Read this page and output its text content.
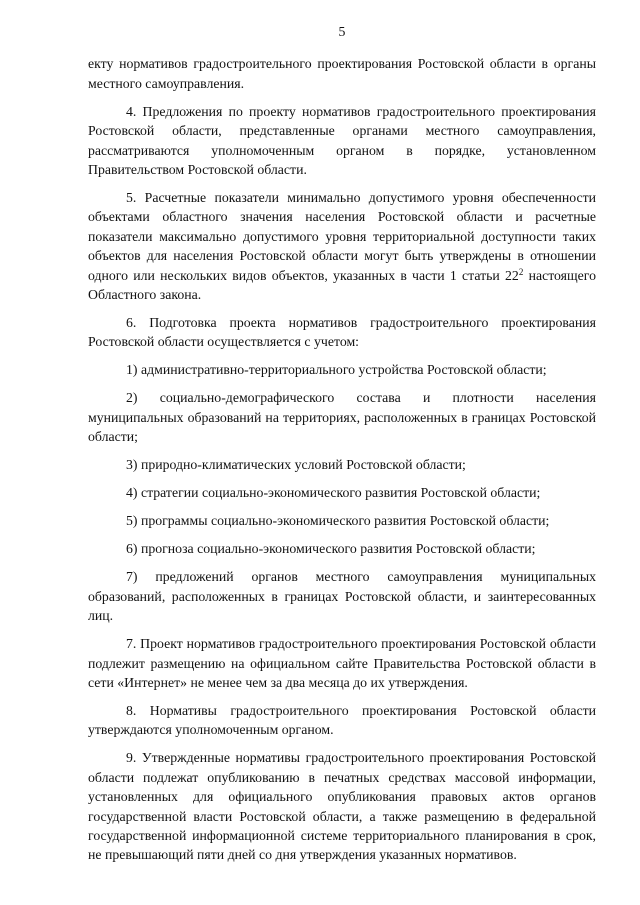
5

екту нормативов градостроительного проектирования Ростовской области в органы местного самоуправления.

4. Предложения по проекту нормативов градостроительного проектирования Ростовской области, представленные органами местного самоуправления, рассматриваются уполномоченным органом в порядке, установленном Правительством Ростовской области.

5. Расчетные показатели минимально допустимого уровня обеспеченности объектами областного значения населения Ростовской области и расчетные показатели максимально допустимого уровня территориальной доступности таких объектов для населения Ростовской области могут быть утверждены в отношении одного или нескольких видов объектов, указанных в части 1 статьи $22^2$ настоящего Областного закона.

6. Подготовка проекта нормативов градостроительного проектирования Ростовской области осуществляется с учетом:

1) административно-территориального устройства Ростовской области;

2) социально-демографического состава и плотности населения муниципальных образований на территориях, расположенных в границах Ростовской области;

3) природно-климатических условий Ростовской области;

4) стратегии социально-экономического развития Ростовской области;

5) программы социально-экономического развития Ростовской области;

6) прогноза социально-экономического развития Ростовской области;

7) предложений органов местного самоуправления муниципальных образований, расположенных в границах Ростовской области, и заинтересованных лиц.

7. Проект нормативов градостроительного проектирования Ростовской области подлежит размещению на официальном сайте Правительства Ростовской области в сети «Интернет» не менее чем за два месяца до их утверждения.

8. Нормативы градостроительного проектирования Ростовской области утверждаются уполномоченным органом.

9. Утвержденные нормативы градостроительного проектирования Ростовской области подлежат опубликованию в печатных средствах массовой информации, установленных для официального опубликования правовых актов органов государственной власти Ростовской области, а также размещению в федеральной государственной информационной системе территориального планирования в срок, не превышающий пяти дней со дня утверждения указанных нормативов.
